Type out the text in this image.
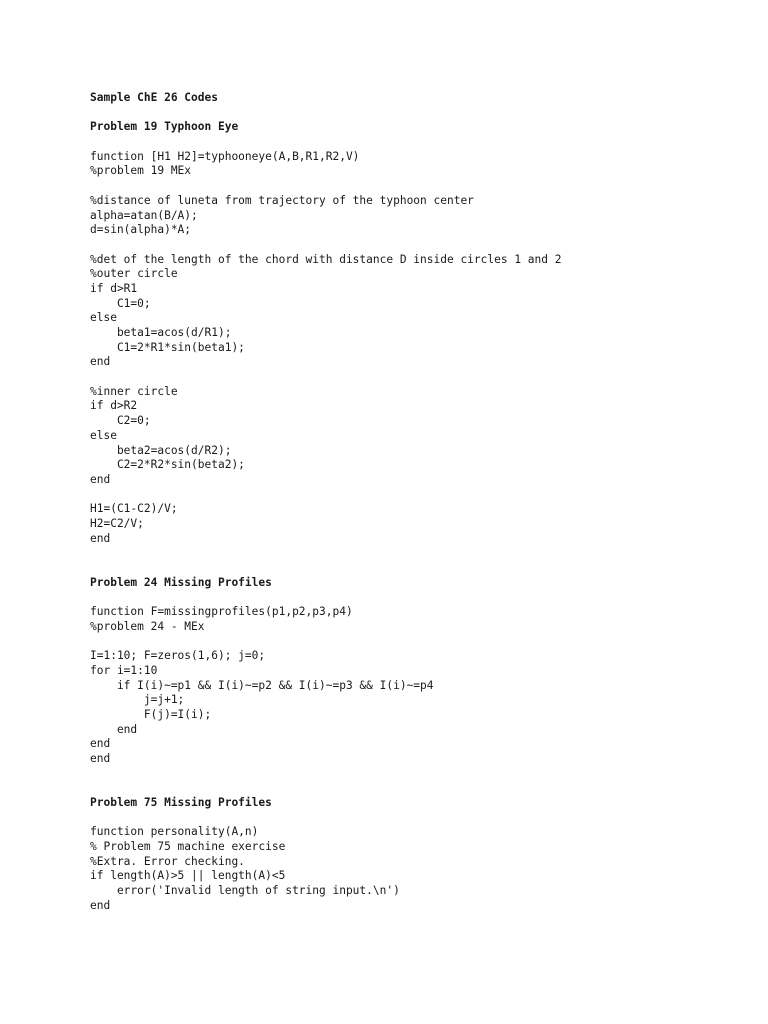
Sample ChE 26 Codes
Problem 19 Typhoon Eye
function [H1 H2]=typhooneye(A,B,R1,R2,V)
%problem 19 MEx
%distance of luneta from trajectory of the typhoon center
alpha=atan(B/A);
d=sin(alpha)*A;
%det of the length of the chord with distance D inside circles 1 and 2
%outer circle
if d>R1
C1=0;
else
beta1=acos(d/R1);
C1=2*R1*sin(beta1);
end
%inner circle
if d>R2
C2=0;
else
beta2=acos(d/R2);
C2=2*R2*sin(beta2);
end
H1=(C1-C2)/V;
H2=C2/V;
end
Problem 24 Missing Profiles
function F=missingprofiles(p1,p2,p3,p4)
%problem 24 - MEx
I=1:10; F=zeros(1,6); j=0;
for i=1:10
if I(i)~=p1 && I(i)~=p2 && I(i)~=p3 && I(i)~=p4
j=j+1;
F(j)=I(i);
end
end
end
Problem 75 Missing Profiles
function personality(A,n)
% Problem 75 machine exercise
%Extra. Error checking.
if length(A)>5 || length(A)<5
error('Invalid length of string input.\n')
end
